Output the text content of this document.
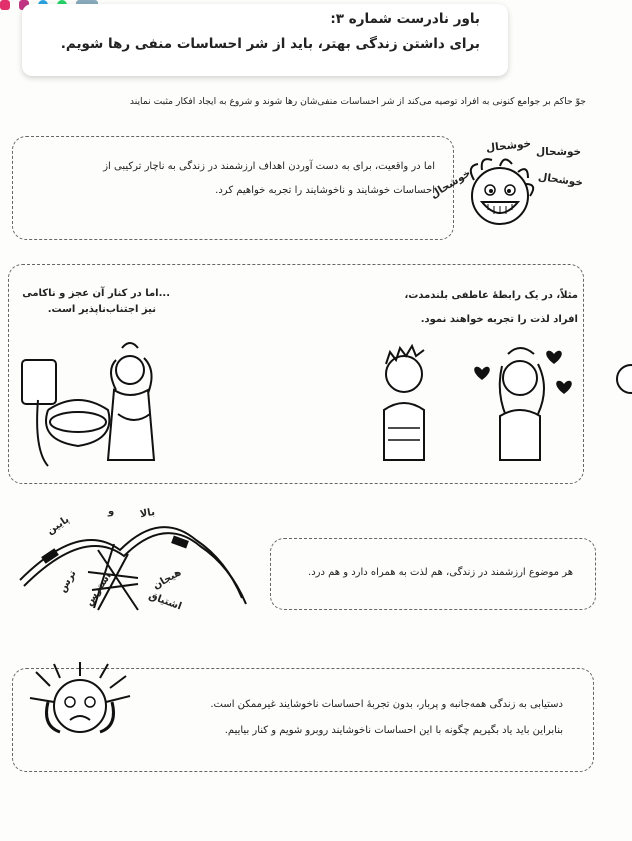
باور نادرست شماره ۳:
برای داشتن زندگی بهتر، باید از شر احساسات منفی رها شویم.
جوّ حاکم بر جوامع کنونی به افراد توصیه می‌کند از شر احساسات منفی‌شان رها شوند و شروع به ایجاد افکار مثبت نمایند

اما در واقعیت، برای به دست آوردن اهداف ارزشمند در زندگی به ناچار ترکیبی از

احساسات خوشایند و ناخوشایند را تجربه خواهیم کرد.

خوشحال خوشحال
خوشحال
خوشحال
مثلاً، در یک رابطهٔ عاطفی بلندمدت،
افراد لذت را تجربه خواهند نمود.
...اما در کنار آن عجز و ناکامی
نیز اجتناب‌ناپذیر است.
هر موضوع ارزشمند در زندگی، هم لذت به همراه دارد و هم درد.
بالا
و
پایین
ترس استرس	هیجان
اشتیاق
دستیابی به زندگی همه‌جانبه و پربار، بدون تجربهٔ احساسات ناخوشایند غیرممکن است.
بنابراین باید یاد بگیریم چگونه با این احساسات ناخوشایند روبرو شویم و کنار بیاییم.
